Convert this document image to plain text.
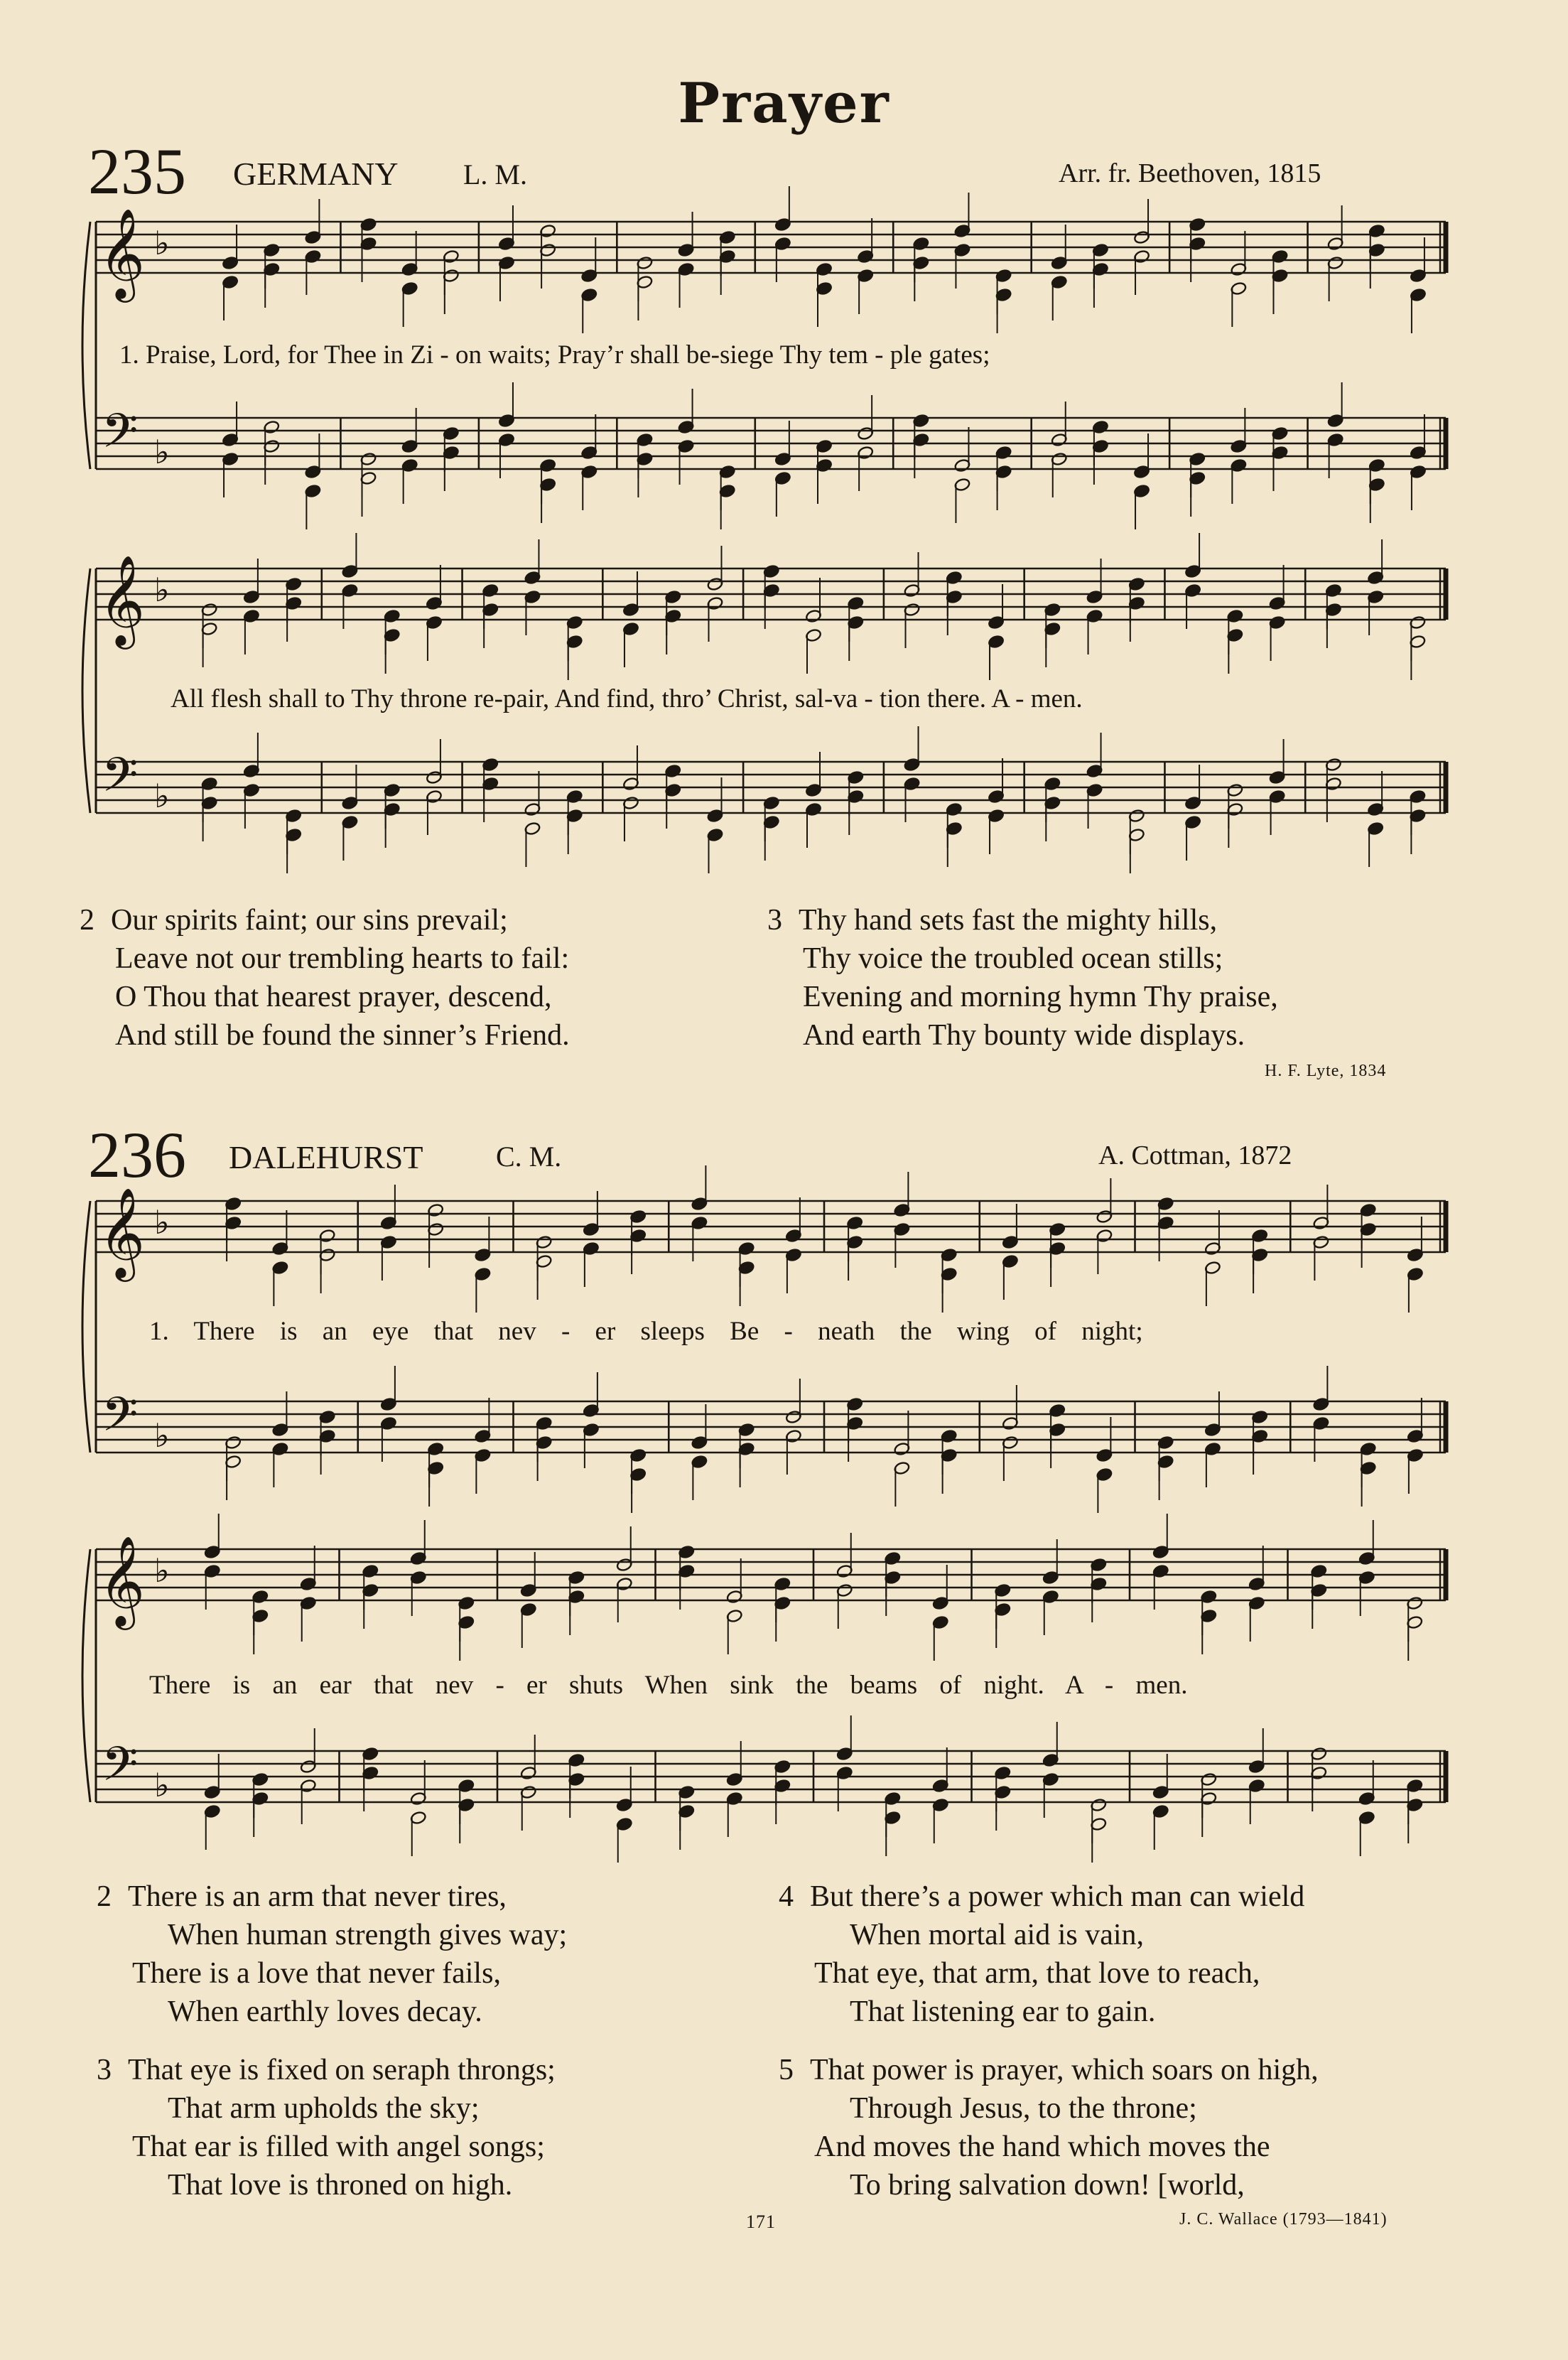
Prayer
235 GERMANY L. M.	Arr. fr. Beethoven, 1815
𝄞
𝄢
♭
♭
𝄞
𝄢
♭
♭
𝄞
𝄢
♭
♭
𝄞
𝄢
♭
♭
1. Praise, Lord, for Thee in Zi - on waits; Pray’r shall be-siege Thy tem - ple gates;
All flesh shall to Thy throne re-pair, And find, thro’ Christ, sal-va - tion there. A - men.
2 Our spirits faint; our sins prevail;
Leave not our trembling hearts to fail:
O Thou that hearest prayer, descend,
And still be found the sinner’s Friend.
3 Thy hand sets fast the mighty hills,
Thy voice the troubled ocean stills;
Evening and morning hymn Thy praise,
And earth Thy bounty wide displays.
H. F. Lyte, 1834
236 DALEHURST	C. M.	A. Cottman, 1872
1. There is an eye that nev - er sleeps Be - neath the wing of night;
There is an ear that nev - er shuts When sink the beams of night. A - men.
2 There is an arm that never tires,
When human strength gives way;
There is a love that never fails,
When earthly loves decay.
3 That eye is fixed on seraph throngs;
That arm upholds the sky;
That ear is filled with angel songs;
That love is throned on high.
4 But there’s a power which man can wield
When mortal aid is vain,
That eye, that arm, that love to reach,
That listening ear to gain.
5 That power is prayer, which soars on high,
Through Jesus, to the throne;
And moves the hand which moves the
To bring salvation down! [world,
J. C. Wallace (1793—1841)
171
